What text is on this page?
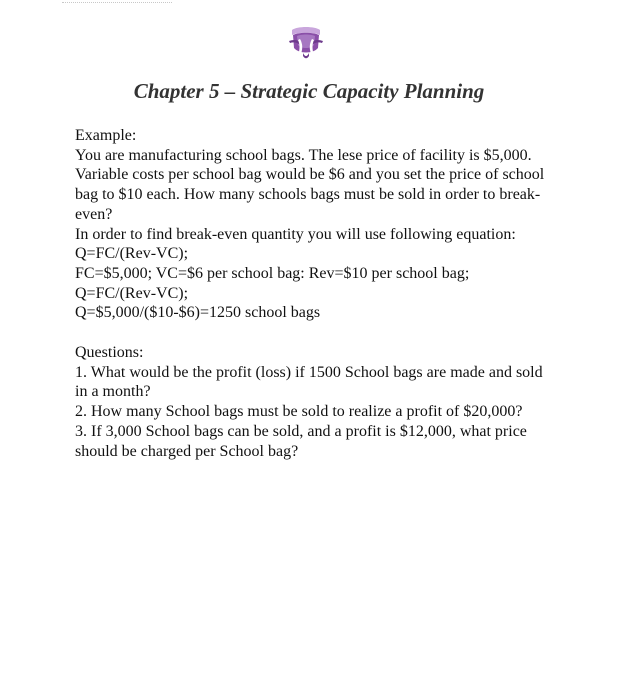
Chapter 5 – Strategic Capacity Planning

Example:

You are manufacturing school bags. The lese price of facility is $5,000. Variable costs per school bag would be $6 and you set the price of school bag to $10 each. How many schools bags must be sold in order to break-even?

In order to find break-even quantity you will use following equation:

Q=FC/(Rev-VC);

FC=$5,000; VC=$6 per school bag: Rev=$10 per school bag;

Q=FC/(Rev-VC);

Q=$5,000/($10-$6)=1250 school bags

Questions:

1. What would be the profit (loss) if 1500 School bags are made and sold in a month?

2. How many School bags must be sold to realize a profit of $20,000?

3. If 3,000 School bags can be sold, and a profit is $12,000, what price should be charged per School bag?
